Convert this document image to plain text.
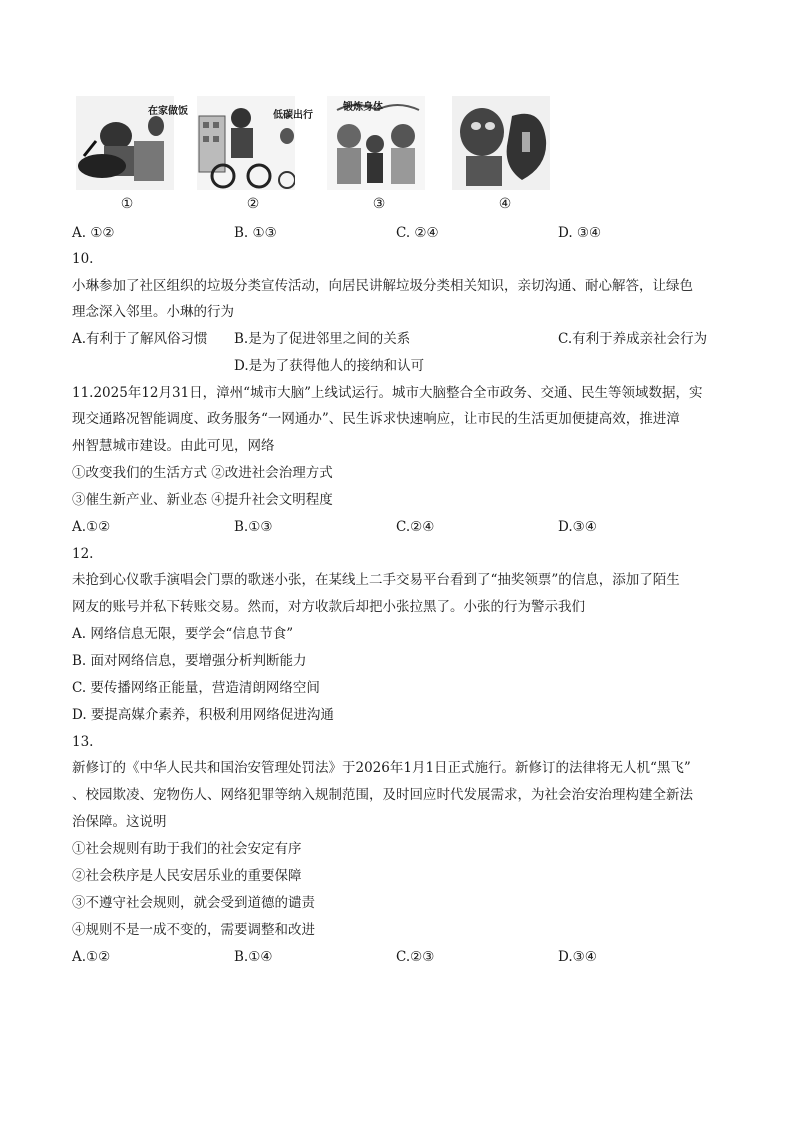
在家做饭	低碳出行
锻炼身体
①	②	③	④
A. ①②	B. ①③	C. ②④	D. ③④
10.
小琳参加了社区组织的垃圾分类宣传活动，向居民讲解垃圾分类相关知识，亲切沟通、耐心解答，让绿色
理念深入邻里。小琳的行为
A.有利于了解风俗习惯 B.是为了促进邻里之间的关系	C.有利于养成亲社会行为
D.是为了获得他人的接纳和认可
11.2025年12月31日，漳州“城市大脑”上线试运行。城市大脑整合全市政务、交通、民生等领域数据，实
现交通路况智能调度、政务服务“一网通办”、民生诉求快速响应，让市民的生活更加便捷高效，推进漳
州智慧城市建设。由此可见，网络
①改变我们的生活方式 ②改进社会治理方式
③催生新产业、新业态 ④提升社会文明程度
A.①②	B.①③	C.②④	D.③④
12.
未抢到心仪歌手演唱会门票的歌迷小张，在某线上二手交易平台看到了“抽奖领票”的信息，添加了陌生
网友的账号并私下转账交易。然而，对方收款后却把小张拉黑了。小张的行为警示我们
A. 网络信息无限，要学会“信息节食”
B. 面对网络信息，要增强分析判断能力
C. 要传播网络正能量，营造清朗网络空间
D. 要提高媒介素养，积极利用网络促进沟通
13.
新修订的《中华人民共和国治安管理处罚法》于2026年1月1日正式施行。新修订的法律将无人机“黑飞”
、校园欺凌、宠物伤人、网络犯罪等纳入规制范围，及时回应时代发展需求，为社会治安治理构建全新法
治保障。这说明
①社会规则有助于我们的社会安定有序
②社会秩序是人民安居乐业的重要保障
③不遵守社会规则，就会受到道德的谴责
④规则不是一成不变的，需要调整和改进
A.①②	B.①④	C.②③	D.③④
